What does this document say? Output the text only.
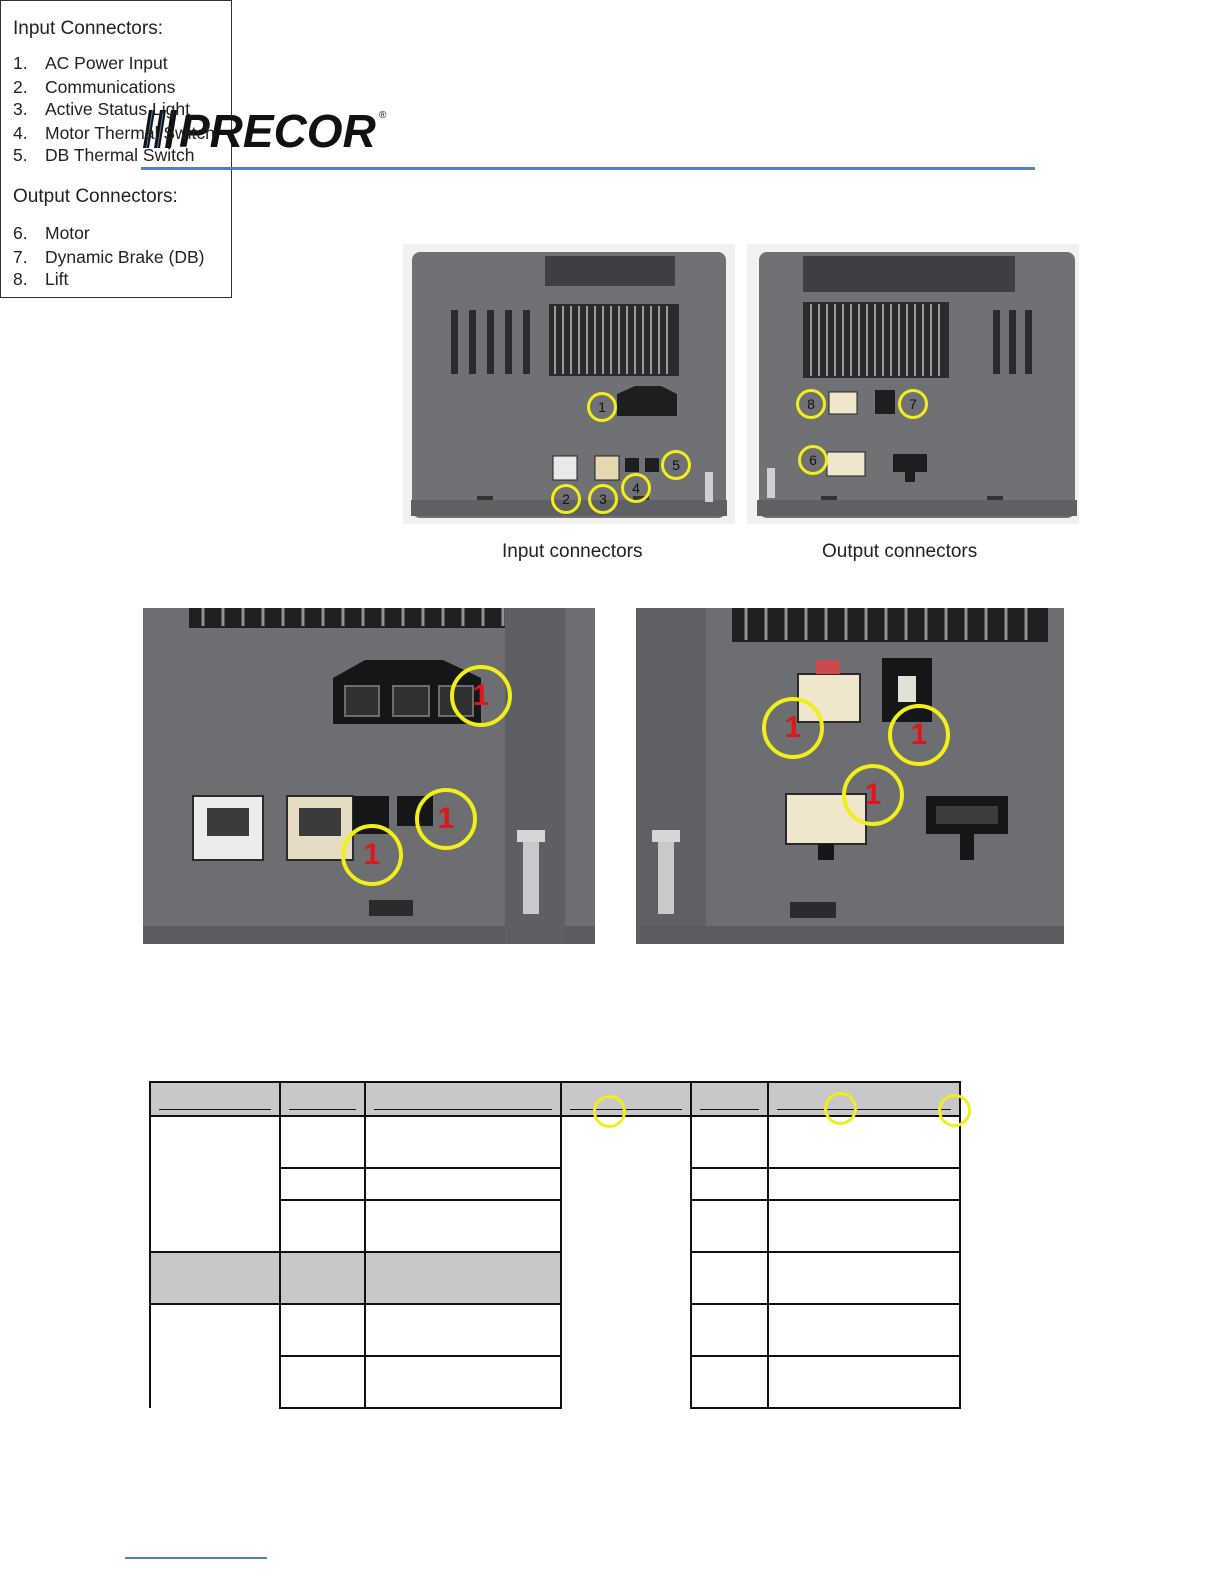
PRECOR ®
Input Connectors:
1. AC Power Input
2. Communications
3. Active Status Light
4. Motor Thermal Switch
5. DB Thermal Switch
Output Connectors:
6. Motor
7. Dynamic Brake (DB)
8. Lift
1
2	3
4
5
Input connectors
8	7
6
Output connectors
1
1
1
1	1
1
